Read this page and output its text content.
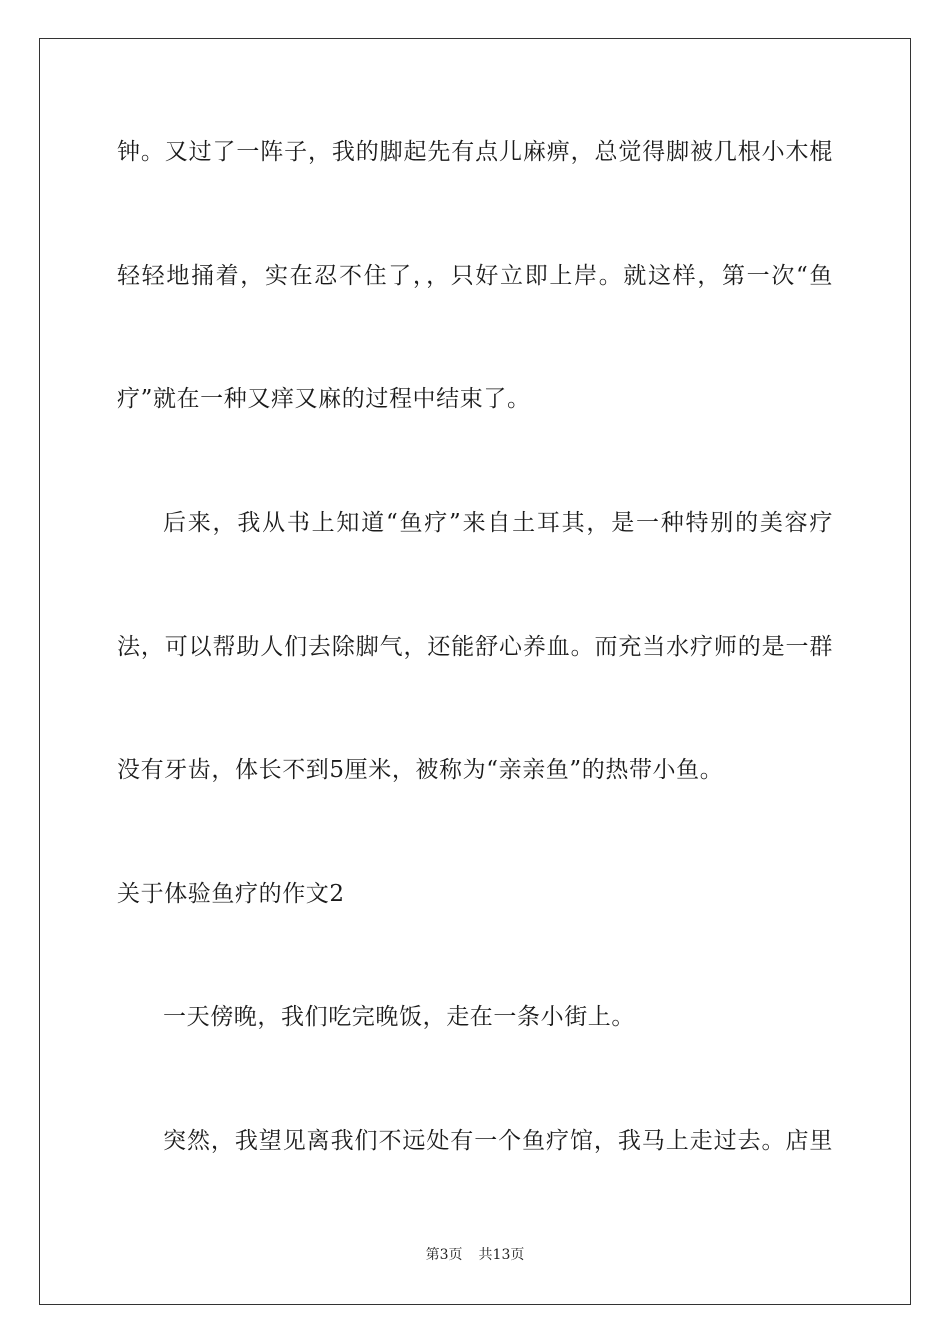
钟。又过了一阵子，我的脚起先有点儿麻痹，总觉得脚被几根小木棍
轻轻地捅着，实在忍不住了，，只好立即上岸。就这样，第一次“鱼
疗”就在一种又痒又麻的过程中结束了。
后来，我从书上知道“鱼疗”来自土耳其，是一种特别的美容疗
法，可以帮助人们去除脚气，还能舒心养血。而充当水疗师的是一群
没有牙齿，体长不到5厘米，被称为“亲亲鱼”的热带小鱼。
关于体验鱼疗的作文2
一天傍晚，我们吃完晚饭，走在一条小街上。
突然，我望见离我们不远处有一个鱼疗馆，我马上走过去。店里
第3页 共13页
